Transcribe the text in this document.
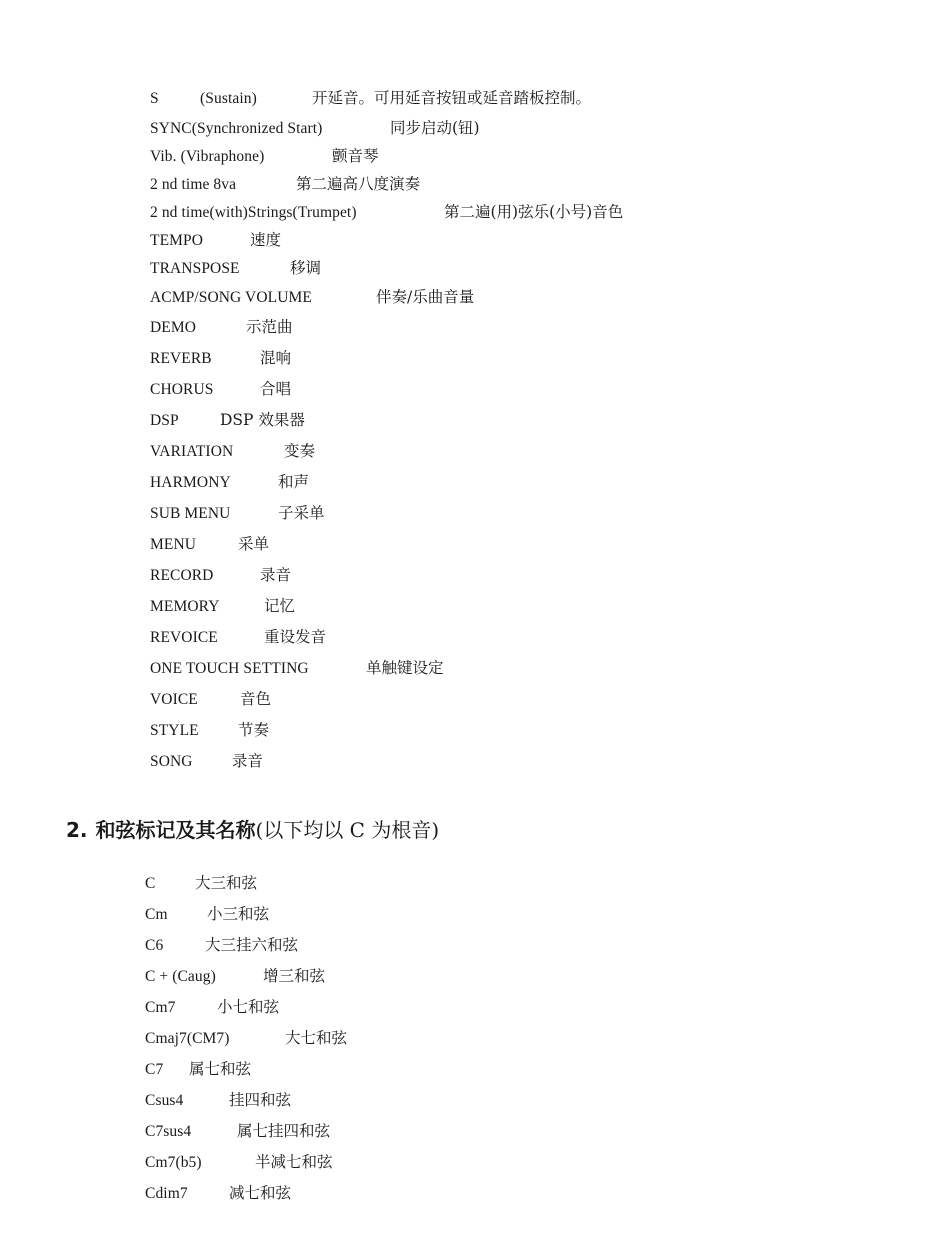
S	(Sustain)	开延音。可用延音按钮或延音踏板控制。
SYNC(Synchronized Start)	同步启动(钮)
Vib. (Vibraphone)	颤音琴
2 nd time 8va	第二遍高八度演奏
2 nd time(with)Strings(Trumpet)	第二遍(用)弦乐(小号)音色
TEMPO	速度
TRANSPOSE	移调
ACMP/SONG VOLUME	伴奏/乐曲音量
DEMO	示范曲
REVERB	混响
CHORUS	合唱
DSP	DSP 效果器
VARIATION	变奏
HARMONY	和声
SUB MENU	子采单
MENU	采单
RECORD	录音
MEMORY	记忆
REVOICE	重设发音
ONE TOUCH SETTING	单触键设定
VOICE	音色
STYLE	节奏
SONG	录音
2. 和弦标记及其名称(以下均以 C 为根音)
C	大三和弦
Cm	小三和弦
C6	大三挂六和弦
C + (Caug)	增三和弦
Cm7	小七和弦
Cmaj7(CM7)	大七和弦
C7	属七和弦
Csus4	挂四和弦
C7sus4	属七挂四和弦
Cm7(b5)	半减七和弦
Cdim7	减七和弦
